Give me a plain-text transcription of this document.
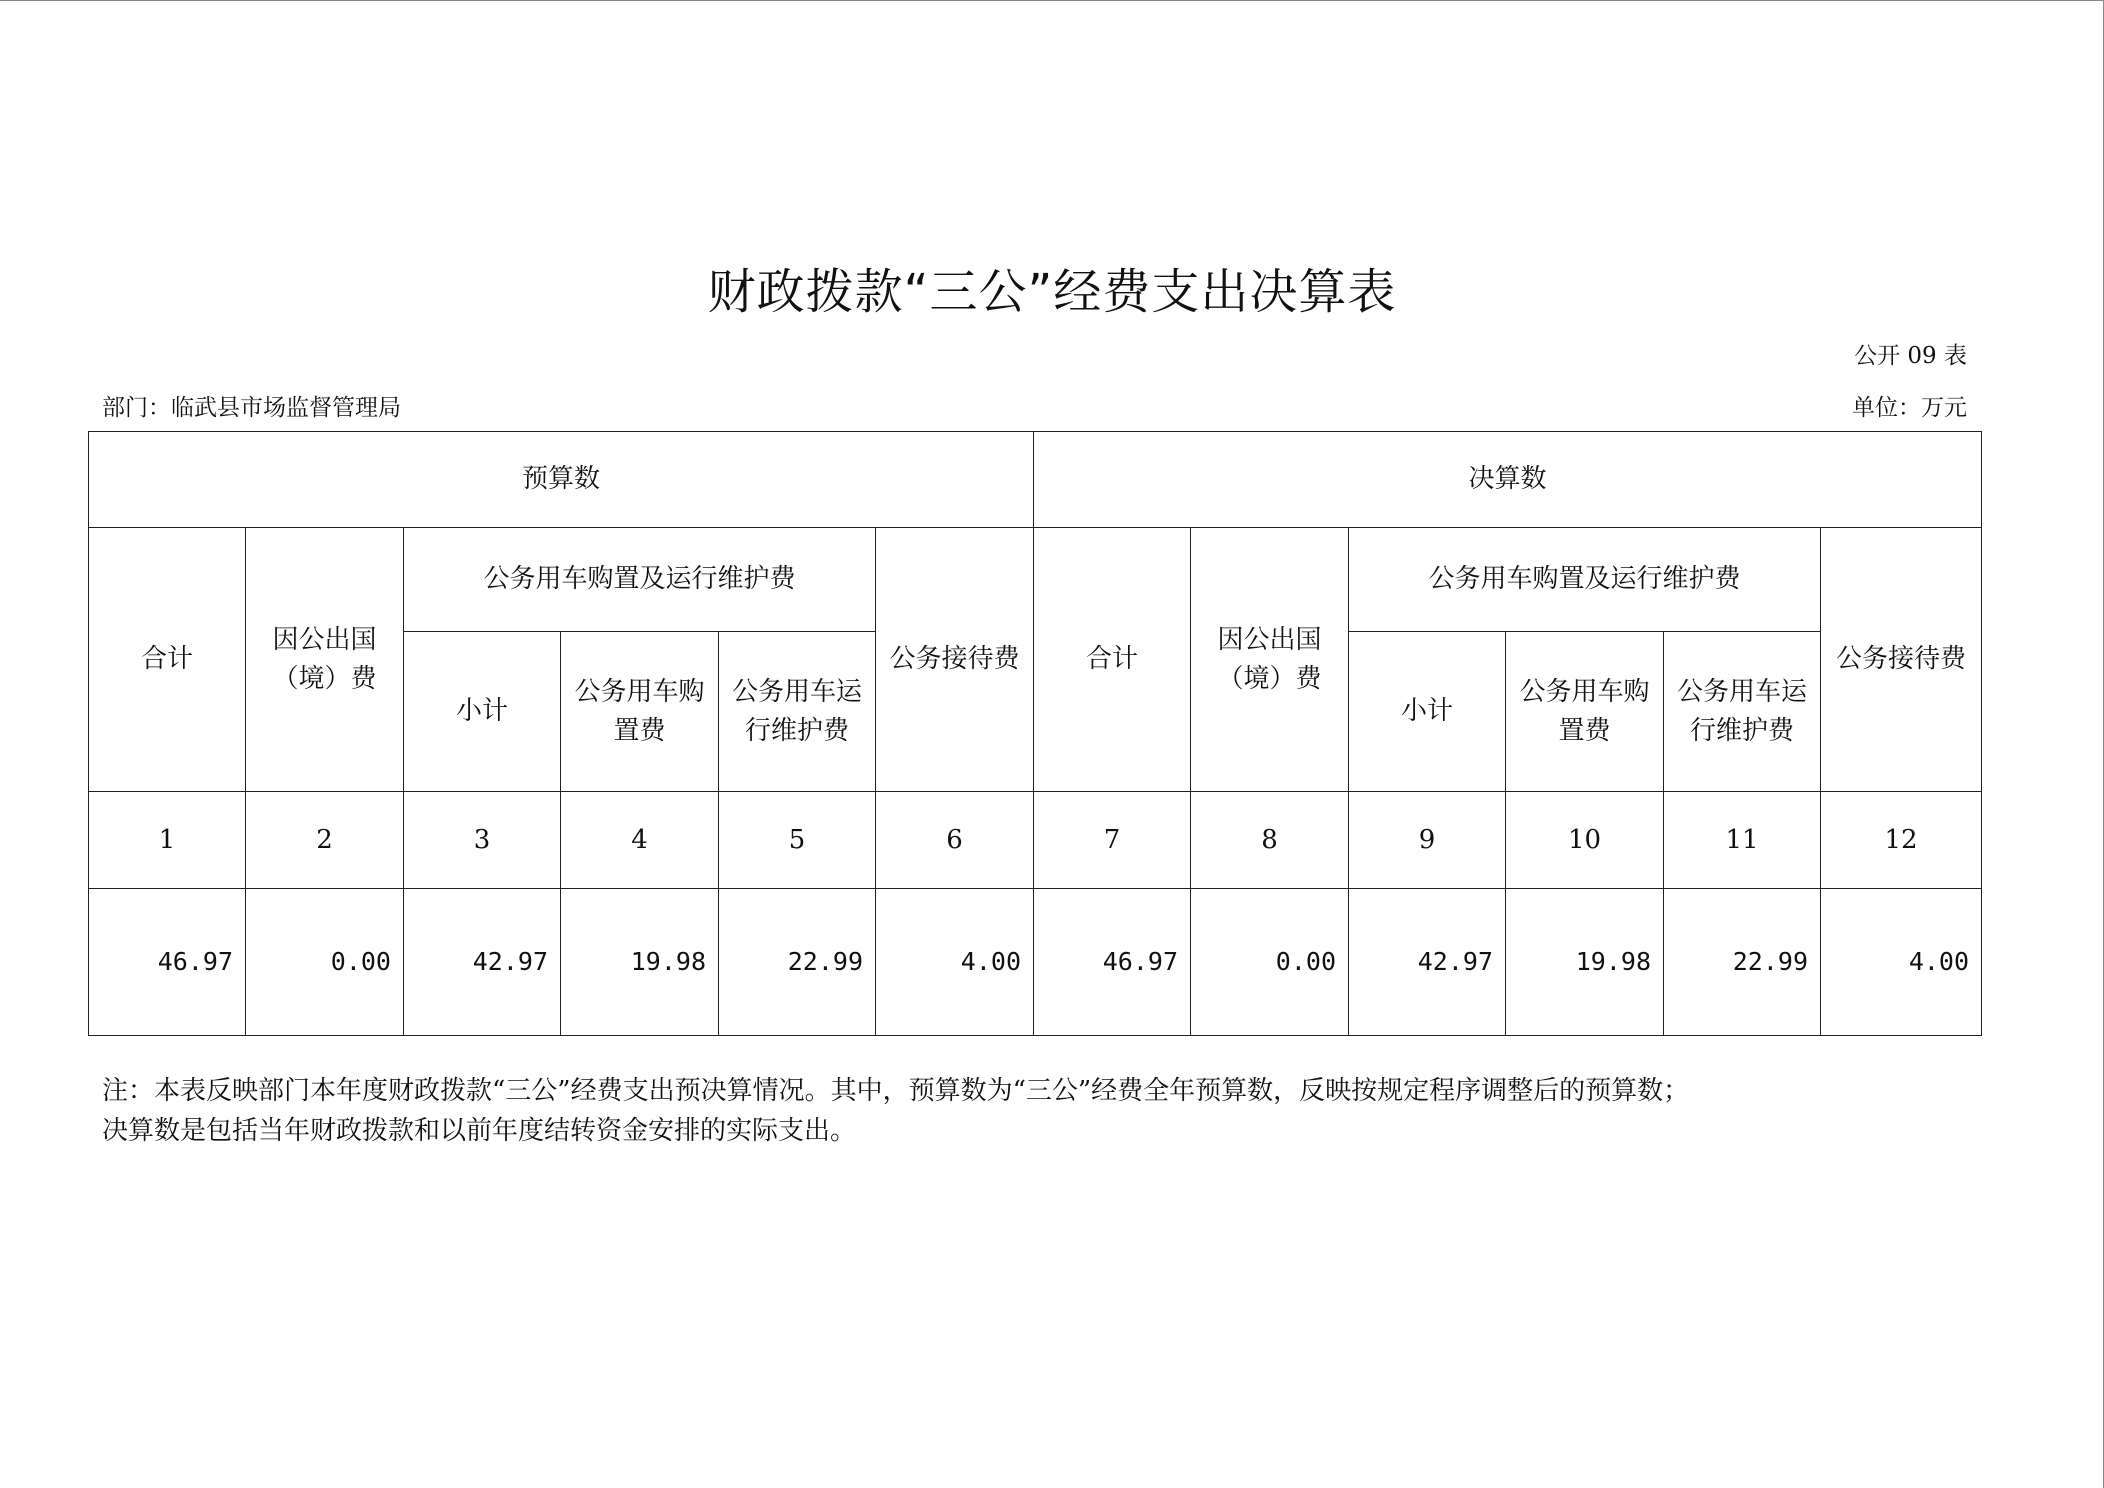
财政拨款“三公”经费支出决算表
公开 09 表
部门：临武县市场监督管理局	单位：万元
预算数						决算数					
合计	因公出国（境）费	公务用车购置及运行维护费			公务接待费	合计	因公出国（境）费	公务用车购置及运行维护费			公务接待费
		小计	公务用车购置费	公务用车运行维护费				小计	公务用车购置费	公务用车运行维护费	
1	2	3	4	5	6	7	8	9	10	11	12
46.97	0.00	42.97	19.98	22.99	4.00	46.97	0.00	42.97	19.98	22.99	4.00
注：本表反映部门本年度财政拨款“三公”经费支出预决算情况。其中，预算数为“三公”经费全年预算数，反映按规定程序调整后的预算数；
决算数是包括当年财政拨款和以前年度结转资金安排的实际支出。
